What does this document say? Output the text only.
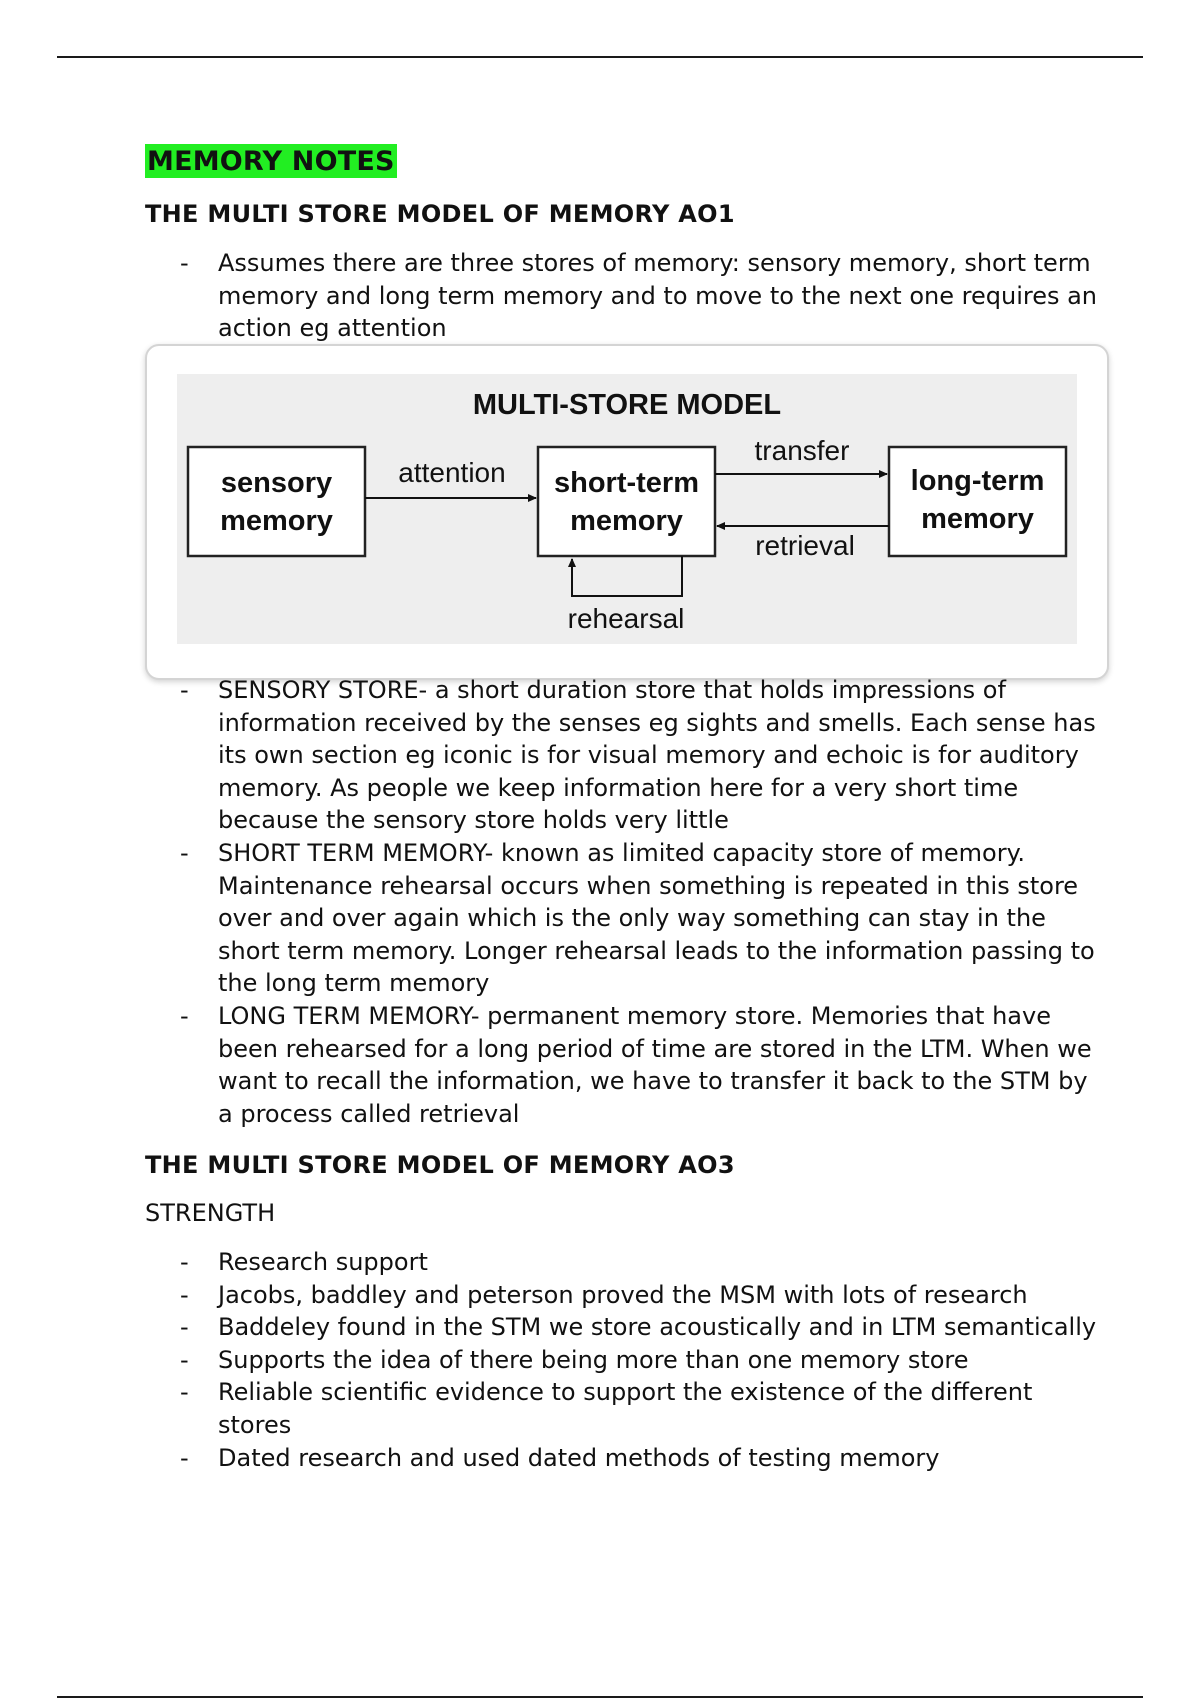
MEMORY NOTES
THE MULTI STORE MODEL OF MEMORY AO1
- Assumes there are three stores of memory: sensory memory, short term memory and long term memory and to move to the next one requires an action eg attention
MULTI-STORE MODEL
sensory
memory
short-term
memory
long-term
memory
attention
transfer
retrieval
rehearsal
- SENSORY STORE- a short duration store that holds impressions of information received by the senses eg sights and smells. Each sense has its own section eg iconic is for visual memory and echoic is for auditory memory. As people we keep information here for a very short time because the sensory store holds very little
- SHORT TERM MEMORY- known as limited capacity store of memory. Maintenance rehearsal occurs when something is repeated in this store over and over again which is the only way something can stay in the short term memory. Longer rehearsal leads to the information passing to the long term memory
- LONG TERM MEMORY- permanent memory store. Memories that have been rehearsed for a long period of time are stored in the LTM. When we want to recall the information, we have to transfer it back to the STM by a process called retrieval
THE MULTI STORE MODEL OF MEMORY AO3
STRENGTH
- Research support
- Jacobs, baddley and peterson proved the MSM with lots of research
- Baddeley found in the STM we store acoustically and in LTM semantically
- Supports the idea of there being more than one memory store
- Reliable scientific evidence to support the existence of the different stores
- Dated research and used dated methods of testing memory
